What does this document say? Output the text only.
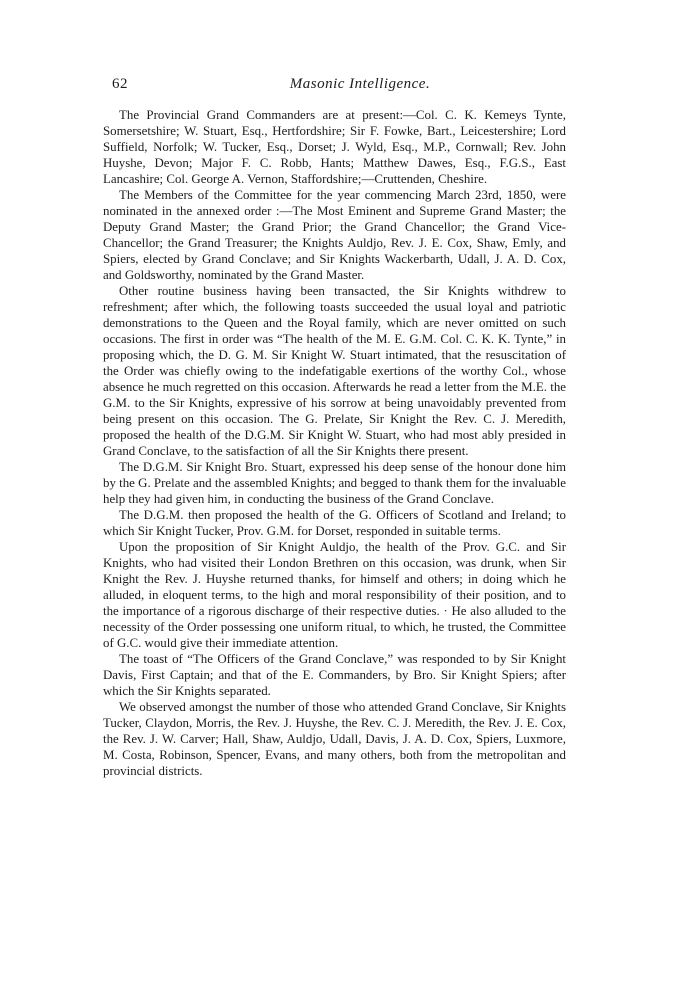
62	Masonic Intelligence.

The Provincial Grand Commanders are at present:—Col. C. K. Kemeys Tynte, Somersetshire; W. Stuart, Esq., Hertfordshire; Sir F. Fowke, Bart., Leicestershire; Lord Suffield, Norfolk; W. Tucker, Esq., Dorset; J. Wyld, Esq., M.P., Cornwall; Rev. John Huyshe, Devon; Major F. C. Robb, Hants; Matthew Dawes, Esq., F.G.S., East Lancashire; Col. George A. Vernon, Staffordshire;—Cruttenden, Cheshire.

The Members of the Committee for the year commencing March 23rd, 1850, were nominated in the annexed order :—The Most Eminent and Supreme Grand Master; the Deputy Grand Master; the Grand Prior; the Grand Chancellor; the Grand Vice-Chancellor; the Grand Treasurer; the Knights Auldjo, Rev. J. E. Cox, Shaw, Emly, and Spiers, elected by Grand Conclave; and Sir Knights Wackerbarth, Udall, J. A. D. Cox, and Goldsworthy, nominated by the Grand Master.

Other routine business having been transacted, the Sir Knights withdrew to refreshment; after which, the following toasts succeeded the usual loyal and patriotic demonstrations to the Queen and the Royal family, which are never omitted on such occasions. The first in order was “The health of the M. E. G.M. Col. C. K. K. Tynte,” in proposing which, the D. G. M. Sir Knight W. Stuart intimated, that the resuscitation of the Order was chiefly owing to the indefatigable exertions of the worthy Col., whose absence he much regretted on this occasion. Afterwards he read a letter from the M.E. the G.M. to the Sir Knights, expressive of his sorrow at being unavoidably prevented from being present on this occasion. The G. Prelate, Sir Knight the Rev. C. J. Meredith, proposed the health of the D.G.M. Sir Knight W. Stuart, who had most ably presided in Grand Conclave, to the satisfaction of all the Sir Knights there present.

The D.G.M. Sir Knight Bro. Stuart, expressed his deep sense of the honour done him by the G. Prelate and the assembled Knights; and begged to thank them for the invaluable help they had given him, in conducting the business of the Grand Conclave.

The D.G.M. then proposed the health of the G. Officers of Scotland and Ireland; to which Sir Knight Tucker, Prov. G.M. for Dorset, responded in suitable terms.

Upon the proposition of Sir Knight Auldjo, the health of the Prov. G.C. and Sir Knights, who had visited their London Brethren on this occasion, was drunk, when Sir Knight the Rev. J. Huyshe returned thanks, for himself and others; in doing which he alluded, in eloquent terms, to the high and moral responsibility of their position, and to the importance of a rigorous discharge of their respective duties. · He also alluded to the necessity of the Order possessing one uniform ritual, to which, he trusted, the Committee of G.C. would give their immediate attention.

The toast of “The Officers of the Grand Conclave,” was responded to by Sir Knight Davis, First Captain; and that of the E. Commanders, by Bro. Sir Knight Spiers; after which the Sir Knights separated.

We observed amongst the number of those who attended Grand Conclave, Sir Knights Tucker, Claydon, Morris, the Rev. J. Huyshe, the Rev. C. J. Meredith, the Rev. J. E. Cox, the Rev. J. W. Carver; Hall, Shaw, Auldjo, Udall, Davis, J. A. D. Cox, Spiers, Luxmore, M. Costa, Robinson, Spencer, Evans, and many others, both from the metropolitan and provincial districts.
